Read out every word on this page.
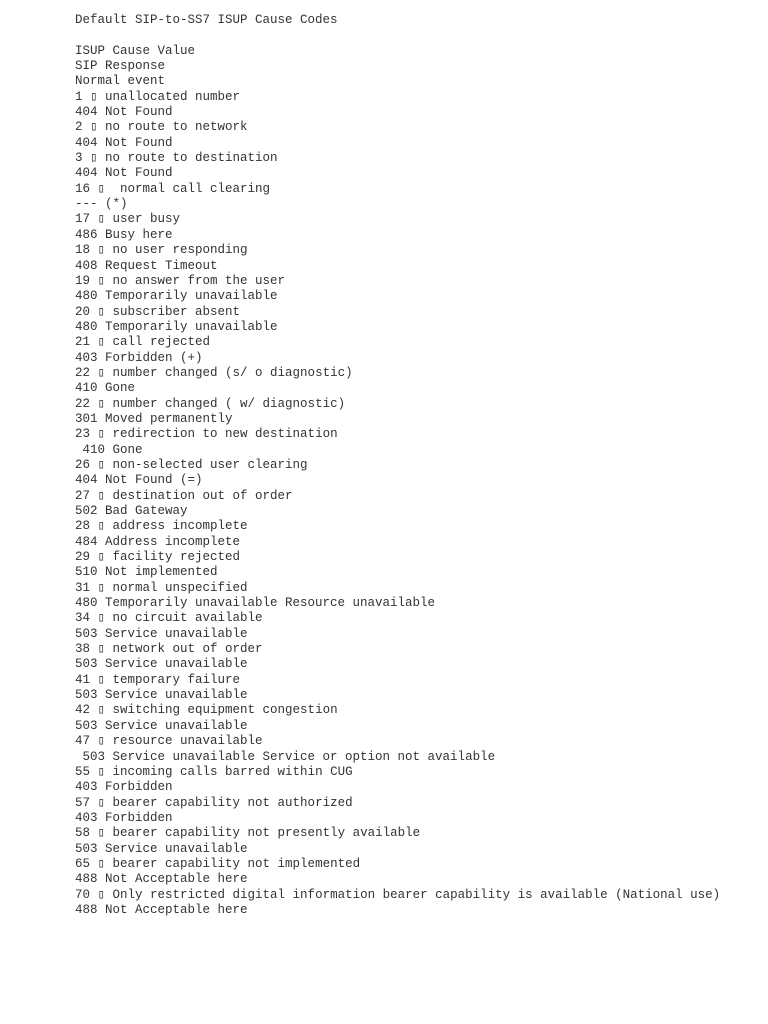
Default SIP-to-SS7 ISUP Cause Codes
ISUP Cause Value
SIP Response
Normal event
1 ▯ unallocated number
404 Not Found
2 ▯ no route to network
404 Not Found
3 ▯ no route to destination
404 Not Found
16 ▯  normal call clearing
--- (*)
17 ▯ user busy
486 Busy here
18 ▯ no user responding
408 Request Timeout
19 ▯ no answer from the user
480 Temporarily unavailable
20 ▯ subscriber absent
480 Temporarily unavailable
21 ▯ call rejected
403 Forbidden (+)
22 ▯ number changed (s/ o diagnostic)
410 Gone
22 ▯ number changed ( w/ diagnostic)
301 Moved permanently
23 ▯ redirection to new destination
410 Gone
26 ▯ non-selected user clearing
404 Not Found (=)
27 ▯ destination out of order
502 Bad Gateway
28 ▯ address incomplete
484 Address incomplete
29 ▯ facility rejected
510 Not implemented
31 ▯ normal unspecified
480 Temporarily unavailable Resource unavailable
34 ▯ no circuit available
503 Service unavailable
38 ▯ network out of order
503 Service unavailable
41 ▯ temporary failure
503 Service unavailable
42 ▯ switching equipment congestion
503 Service unavailable
47 ▯ resource unavailable
503 Service unavailable Service or option not available
55 ▯ incoming calls barred within CUG
403 Forbidden
57 ▯ bearer capability not authorized
403 Forbidden
58 ▯ bearer capability not presently available
503 Service unavailable
65 ▯ bearer capability not implemented
488 Not Acceptable here
70 ▯ Only restricted digital information bearer capability is available (National use)
488 Not Acceptable here
